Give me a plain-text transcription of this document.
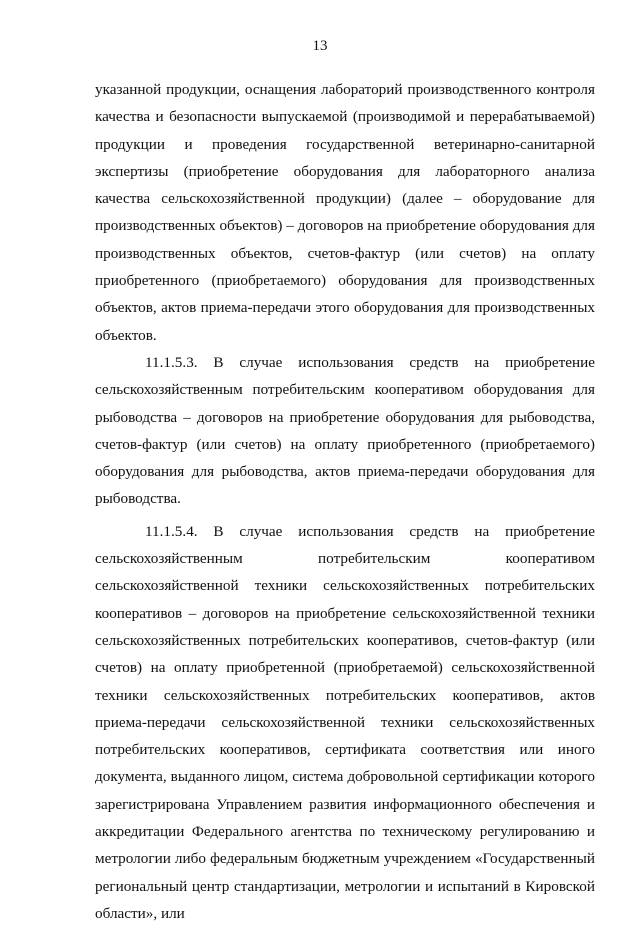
13

указанной продукции, оснащения лабораторий производственного контроля качества и безопасности выпускаемой (производимой и перерабатываемой) продукции и проведения государственной ветеринарно-санитарной экспертизы (приобретение оборудования для лабораторного анализа качества сельскохозяйственной продукции) (далее – оборудование для производственных объектов) – договоров на приобретение оборудования для производственных объектов, счетов-фактур (или счетов) на оплату приобретенного (приобретаемого) оборудования для производственных объектов, актов приема-передачи этого оборудования для производственных объектов.

11.1.5.3. В случае использования средств на приобретение сельскохозяйственным потребительским кооперативом оборудования для рыбоводства – договоров на приобретение оборудования для рыбоводства, счетов-фактур (или счетов) на оплату приобретенного (приобретаемого) оборудования для рыбоводства, актов приема-передачи оборудования для рыбоводства.

11.1.5.4. В случае использования средств на приобретение сельскохозяйственным потребительским кооперативом сельскохозяйственной техники сельскохозяйственных потребительских кооперативов – договоров на приобретение сельскохозяйственной техники сельскохозяйственных потребительских кооперативов, счетов-фактур (или счетов) на оплату приобретенной (приобретаемой) сельскохозяйственной техники сельскохозяйственных потребительских кооперативов, актов приема-передачи сельскохозяйственной техники сельскохозяйственных потребительских кооперативов, сертификата соответствия или иного документа, выданного лицом, система добровольной сертификации которого зарегистрирована Управлением развития информационного обеспечения и аккредитации Федерального агентства по техническому регулированию и метрологии либо федеральным бюджетным учреждением «Государственный региональный центр стандартизации, метрологии и испытаний в Кировской области», или
